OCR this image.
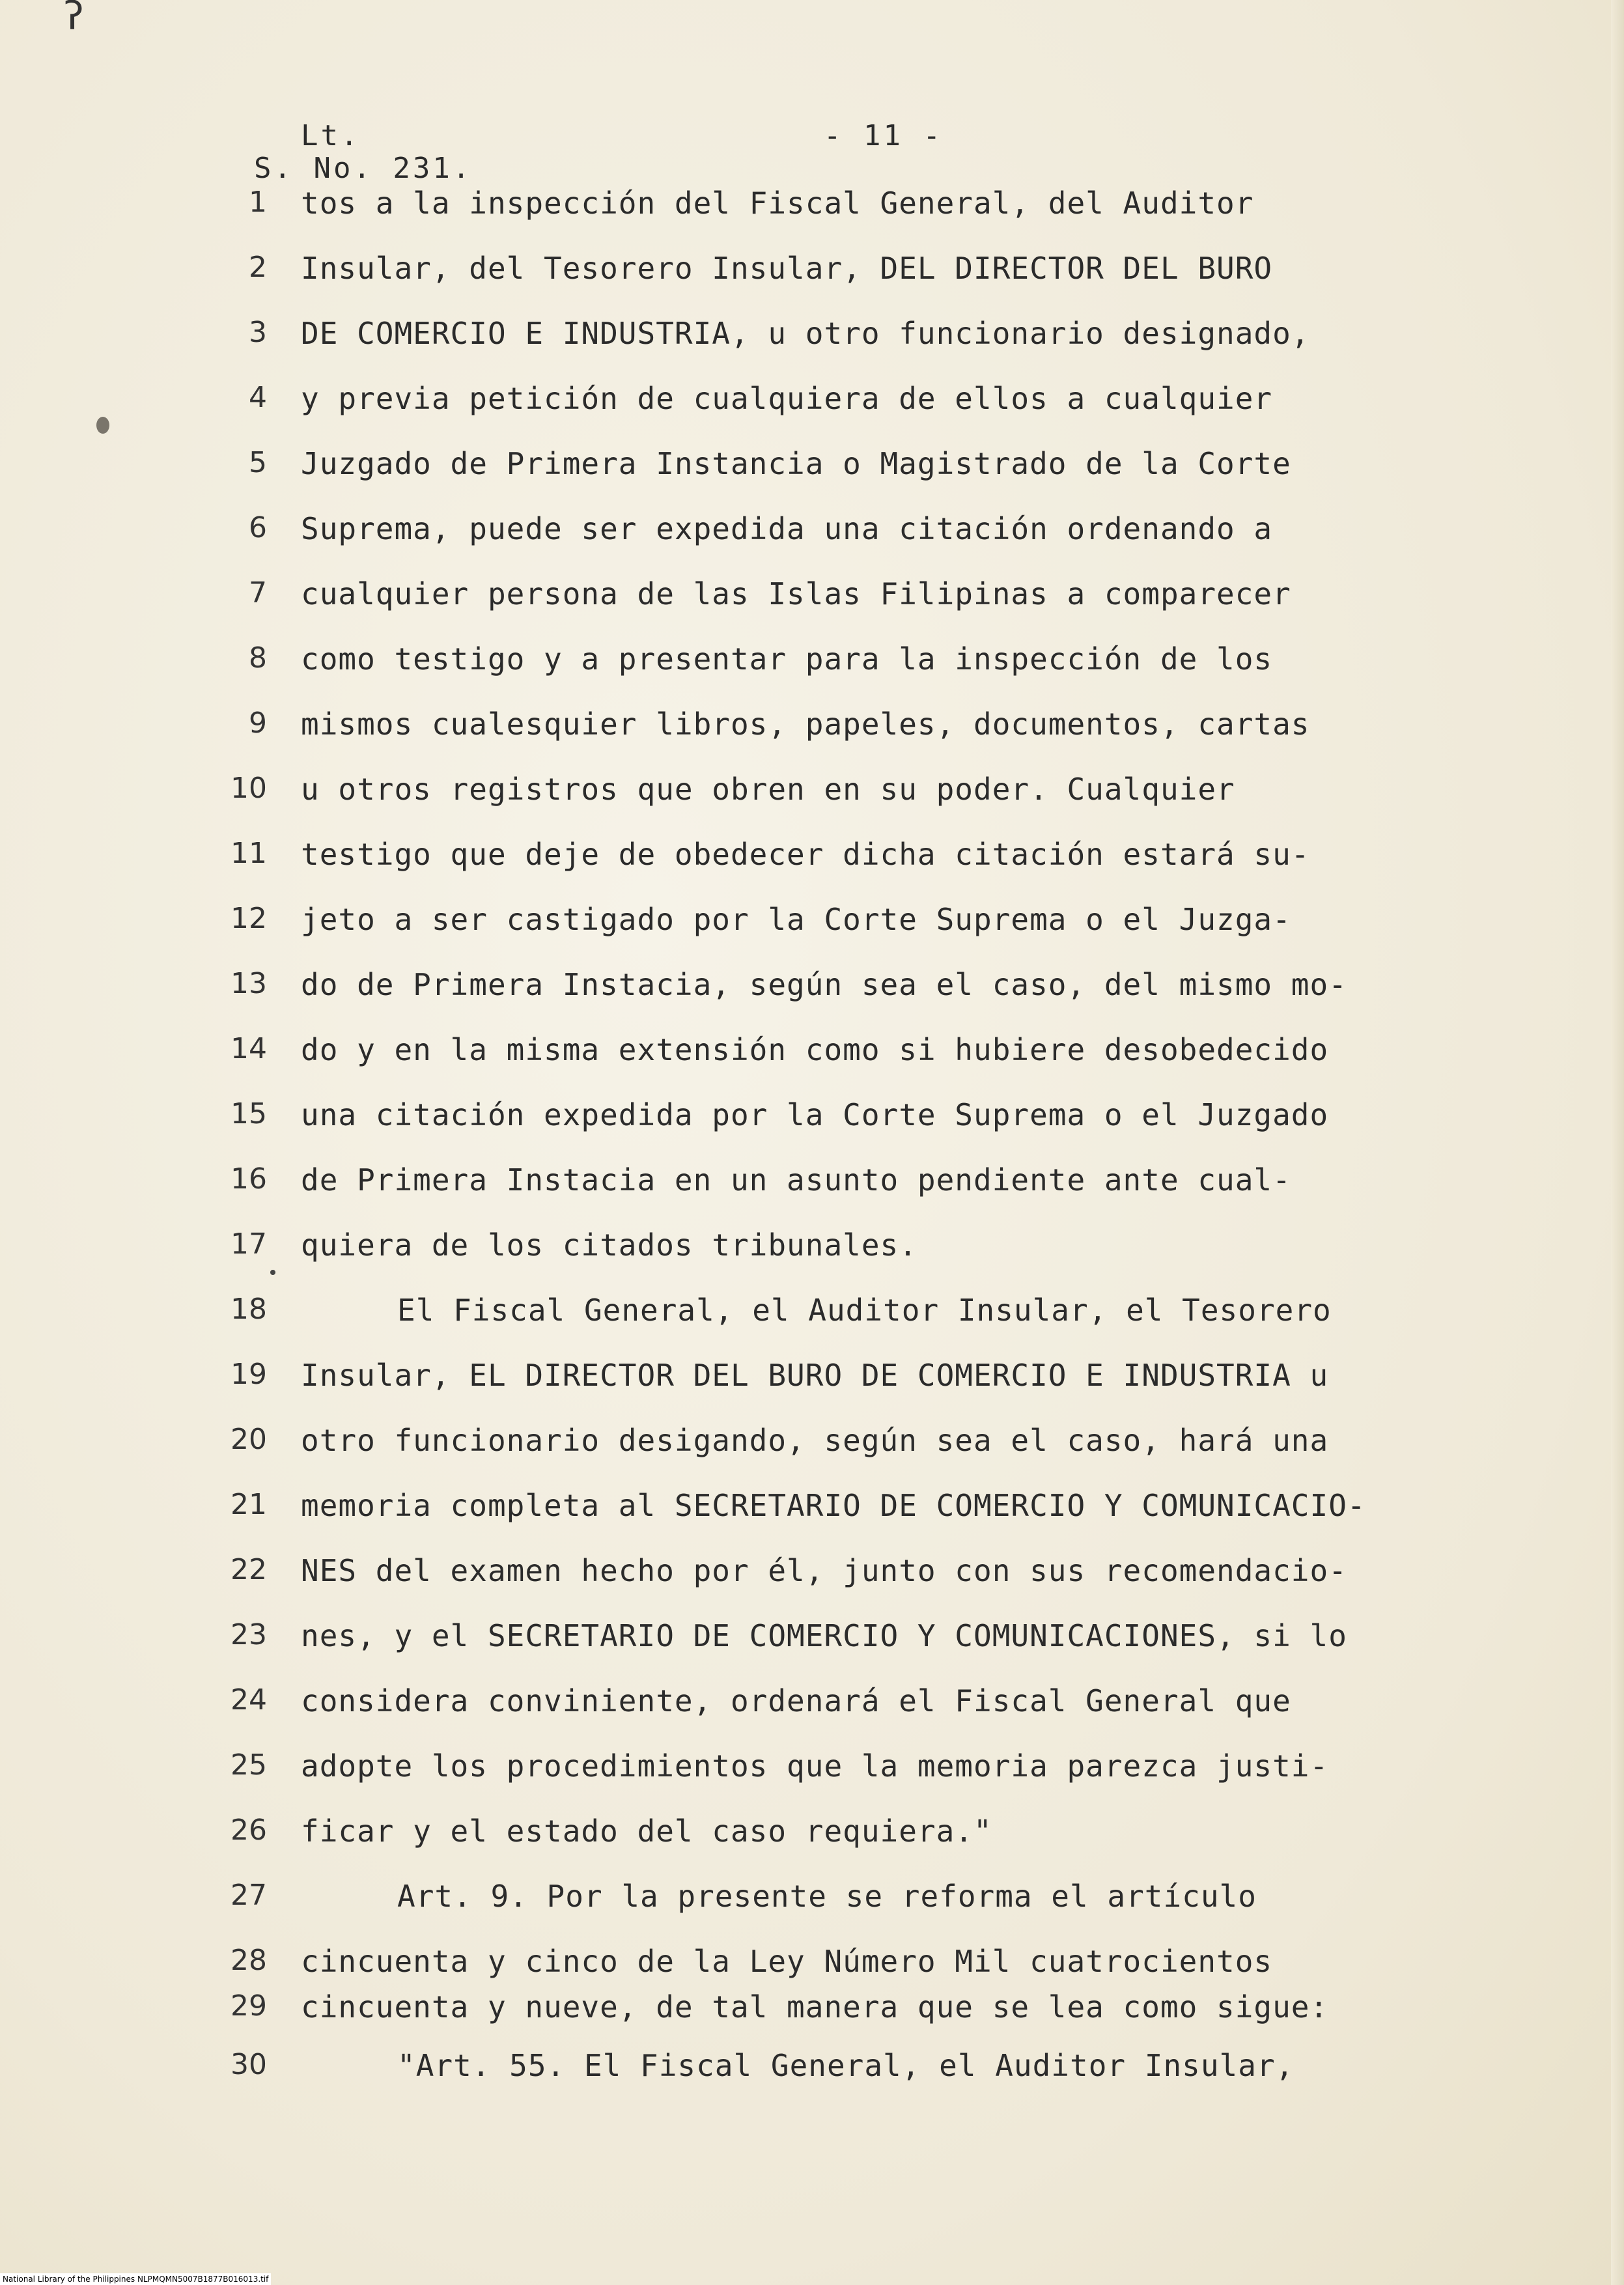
ʔ
Lt.
S. No. 231.
- 11 -
1 tos a la inspección del Fiscal General, del Auditor
2 Insular, del Tesorero Insular, DEL DIRECTOR DEL BURO
3 DE COMERCIO E INDUSTRIA, u otro funcionario designado,
4 y previa petición de cualquiera de ellos a cualquier
5 Juzgado de Primera Instancia o Magistrado de la Corte
6 Suprema, puede ser expedida una citación ordenando a
7 cualquier persona de las Islas Filipinas a comparecer
8 como testigo y a presentar para la inspección de los
9 mismos cualesquier libros, papeles, documentos, cartas
10 u otros registros que obren en su poder. Cualquier
11 testigo que deje de obedecer dicha citación estará su-
12 jeto a ser castigado por la Corte Suprema o el Juzga-
13 do de Primera Instacia, según sea el caso, del mismo mo-
14 do y en la misma extensión como si hubiere desobedecido
15 una citación expedida por la Corte Suprema o el Juzgado
16 de Primera Instacia en un asunto pendiente ante cual-
17 quiera de los citados tribunales.
18	El Fiscal General, el Auditor Insular, el Tesorero
19 Insular, EL DIRECTOR DEL BURO DE COMERCIO E INDUSTRIA u
20 otro funcionario desigando, según sea el caso, hará una
21 memoria completa al SECRETARIO DE COMERCIO Y COMUNICACIO-
22 NES del examen hecho por él, junto con sus recomendacio-
23 nes, y el SECRETARIO DE COMERCIO Y COMUNICACIONES, si lo
24 considera conviniente, ordenará el Fiscal General que
25 adopte los procedimientos que la memoria parezca justi-
26 ficar y el estado del caso requiera."
27	Art. 9. Por la presente se reforma el artículo
28 cincuenta y cinco de la Ley Número Mil cuatrocientos
29 cincuenta y nueve, de tal manera que se lea como sigue:
30	"Art. 55. El Fiscal General, el Auditor Insular,
National Library of the Philippines NLPMQMN5007B1877B016013.tif
